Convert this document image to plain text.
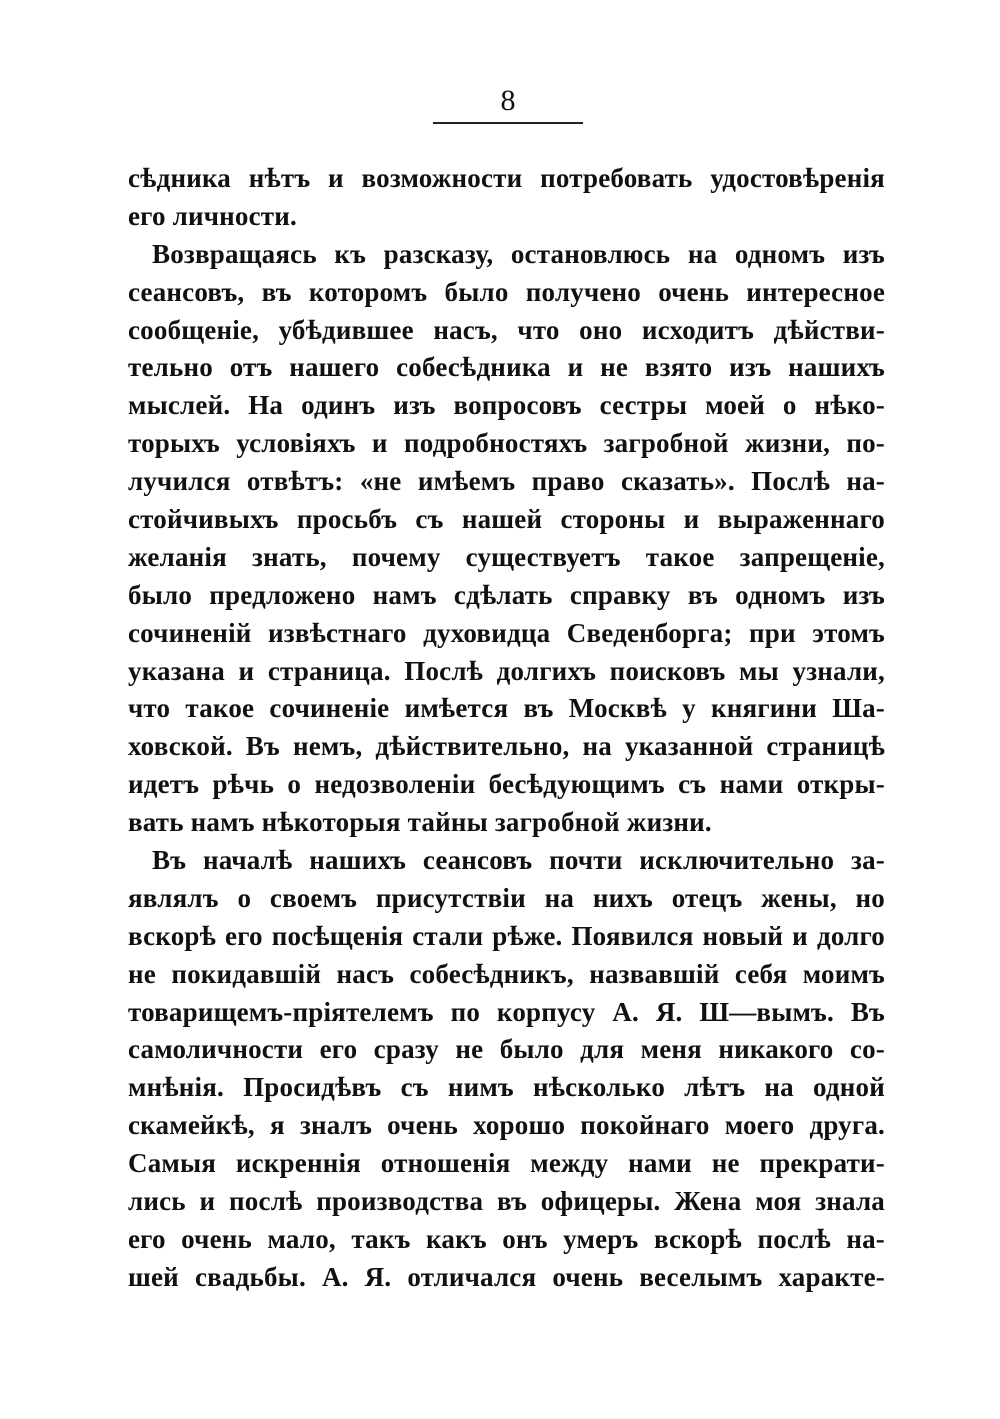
8
сѣдника нѣтъ и возможности потребовать удостовѣренія
его личности.
Возвращаясь къ разсказу, остановлюсь на одномъ изъ
сеансовъ, въ которомъ было получено очень интересное
сообщеніе, убѣдившее насъ, что оно исходитъ дѣйстви-
тельно отъ нашего собесѣдника и не взято изъ нашихъ
мыслей. На одинъ изъ вопросовъ сестры моей о нѣко-
торыхъ условіяхъ и подробностяхъ загробной жизни, по-
лучился отвѣтъ: «не имѣемъ право сказать». Послѣ на-
стойчивыхъ просьбъ съ нашей стороны и выраженнаго
желанія знать, почему существуетъ такое запрещеніе,
было предложено намъ сдѣлать справку въ одномъ изъ
сочиненій извѣстнаго духовидца Сведенборга; при этомъ
указана и страница. Послѣ долгихъ поисковъ мы узнали,
что такое сочиненіе имѣется въ Москвѣ у княгини Ша-
ховской. Въ немъ, дѣйствительно, на указанной страницѣ
идетъ рѣчь о недозволеніи бесѣдующимъ съ нами откры-
вать намъ нѣкоторыя тайны загробной жизни.
Въ началѣ нашихъ сеансовъ почти исключительно за-
являлъ о своемъ присутствіи на нихъ отецъ жены, но
вскорѣ его посѣщенія стали рѣже. Появился новый и долго
не покидавшій насъ собесѣдникъ, назвавшій себя моимъ
товарищемъ-пріятелемъ по корпусу А. Я. Ш—вымъ. Въ
самоличности его сразу не было для меня никакого со-
мнѣнія. Просидѣвъ съ нимъ нѣсколько лѣтъ на одной
скамейкѣ, я зналъ очень хорошо покойнаго моего друга.
Самыя искреннія отношенія между нами не прекрати-
лись и послѣ производства въ офицеры. Жена моя знала
его очень мало, такъ какъ онъ умеръ вскорѣ послѣ на-
шей свадьбы. А. Я. отличался очень веселымъ характе-
